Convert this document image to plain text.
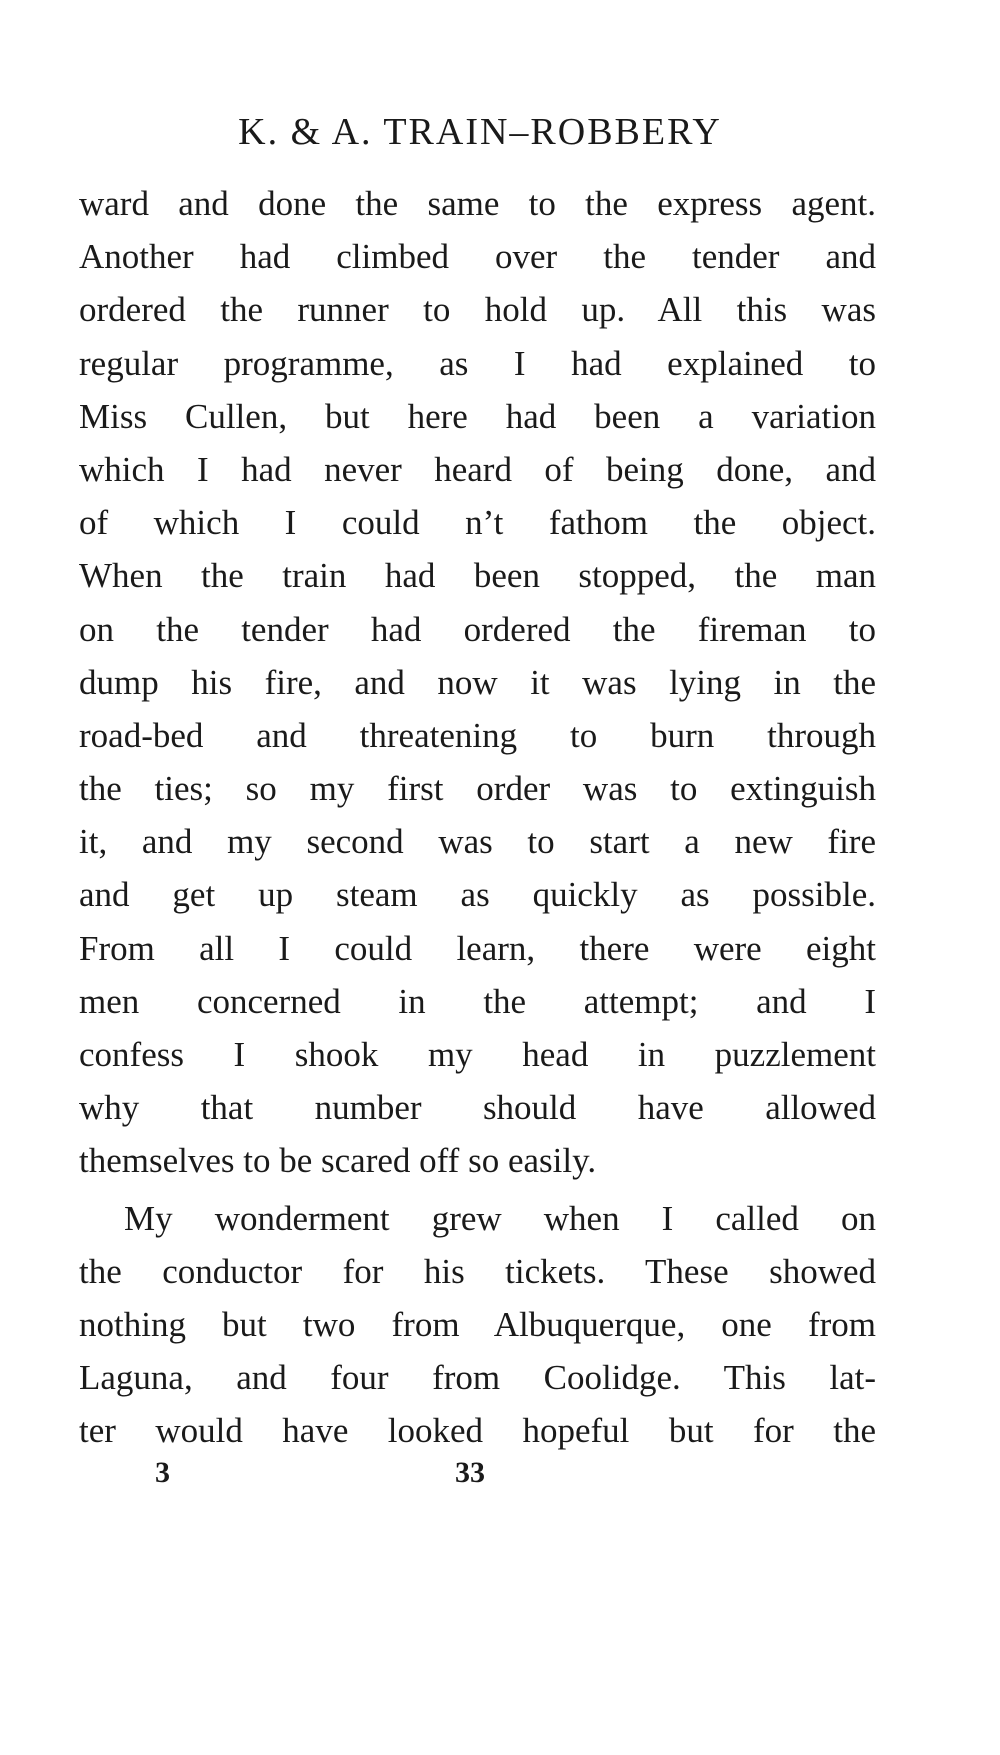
K. & A. TRAIN–ROBBERY
ward and done the same to the express agent.
Another had climbed over the tender and
ordered the runner to hold up. All this was
regular programme, as I had explained to
Miss Cullen, but here had been a variation
which I had never heard of being done, and
of which I could n’t fathom the object.
When the train had been stopped, the man
on the tender had ordered the fireman to
dump his fire, and now it was lying in the
road-bed and threatening to burn through
the ties; so my first order was to extinguish
it, and my second was to start a new fire
and get up steam as quickly as possible.
From all I could learn, there were eight
men concerned in the attempt; and I
confess I shook my head in puzzlement
why that number should have allowed
themselves to be scared off so easily.
My wonderment grew when I called on
the conductor for his tickets. These showed
nothing but two from Albuquerque, one from
Laguna, and four from Coolidge. This lat-
ter would have looked hopeful but for the
3	33
